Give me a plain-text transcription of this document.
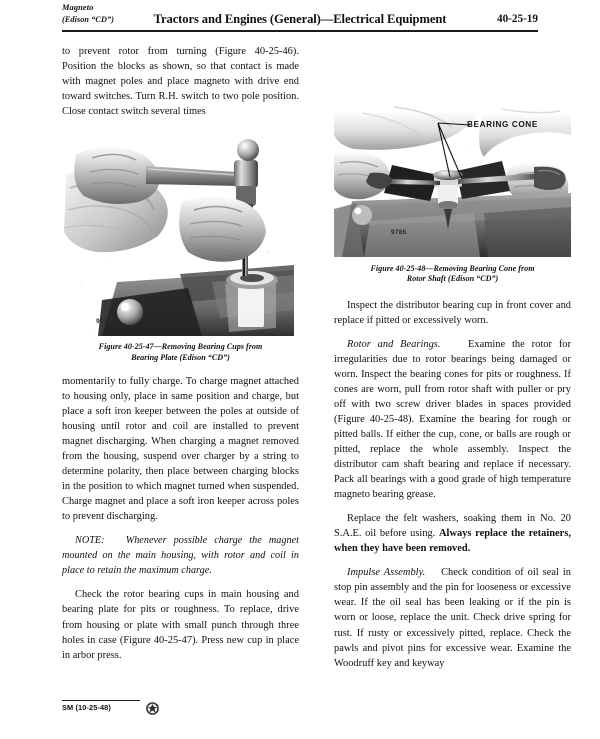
Magneto
(Edison “CD”)	Tractors and Engines (General)—Electrical Equipment	40-25-19

to prevent rotor from turning (Figure 40-25-46). Position the blocks as shown, so that contact is made with magnet poles and place magneto with drive end toward switches. Turn R.H. switch to two pole position. Close contact switch several times

9784
Figure 40-25-47—Removing Bearing Cups from
Bearing Plate (Edison “CD”)

momentarily to fully charge. To charge magnet attached to housing only, place in same position and charge, but place a soft iron keeper between the poles at outside of housing until rotor and coil are installed to prevent magnet discharging. When charging a magnet removed from the housing, suspend over charger by a string to determine polarity, then place between charging blocks in the position to which magnet turned when suspended. Charge magnet and place a soft iron keeper across poles to prevent discharging.

NOTE: Whenever possible charge the magnet mounted on the main housing, with rotor and coil in place to retain the maximum charge.

Check the rotor bearing cups in main housing and bearing plate for pits or roughness. To replace, drive from housing or plate with small punch through three holes in case (Figure 40-25-47). Press new cup in place in arbor press.

BEARING CONE
9785
Figure 40-25-48—Removing Bearing Cone from
Rotor Shaft (Edison “CD”)

Inspect the distributor bearing cup in front cover and replace if pitted or excessively worn.

Rotor and Bearings.	Examine the rotor for irregularities due to rotor bearings being damaged or worn. Inspect the bearing cones for pits or roughness. If cones are worn, pull from rotor shaft with puller or pry off with two screw driver blades in spaces provided (Figure 40-25-48). Examine the bearing for rough or pitted balls. If either the cup, cone, or balls are rough or pitted, replace the whole assembly. Inspect the distributor cam shaft bearing and replace if necessary. Pack all bearings with a good grade of high temperature magneto bearing grease.

Replace the felt washers, soaking them in No. 20 S.A.E. oil before using. Always replace the retainers, when they have been removed.

Impulse Assembly. Check condition of oil seal in stop pin assembly and the pin for looseness or excessive wear. If the oil seal has been leaking or if the pin is worn or loose, replace the unit. Check drive spring for rust. If rusty or excessively pitted, replace. Check the pawls and pivot pins for excessive wear. Examine the Woodruff key and keyway

SM (10-25-48)
